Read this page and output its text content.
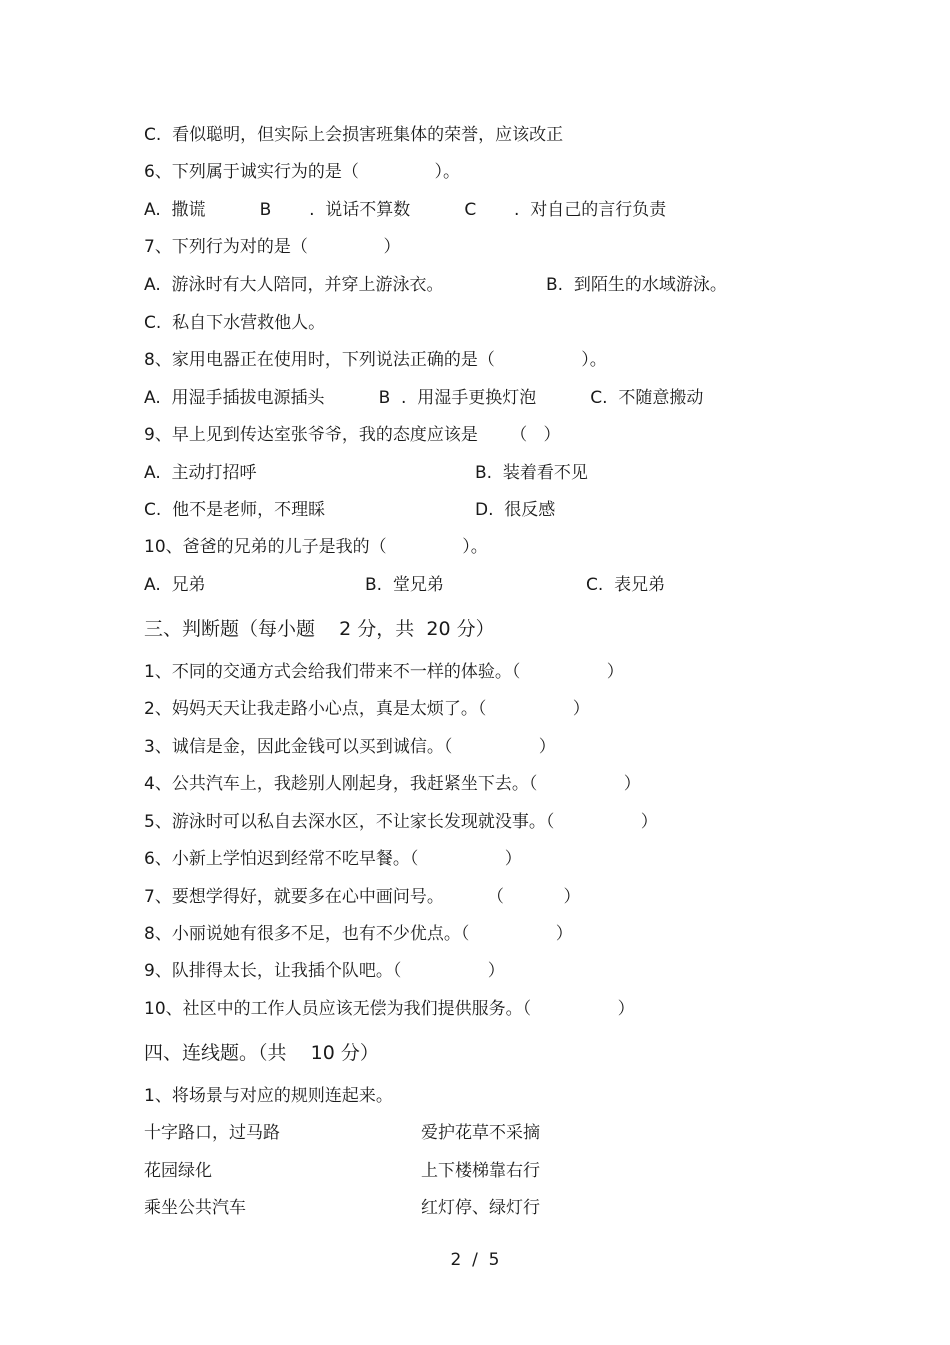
C.  看似聪明，但实际上会损害班集体的荣誉，应该改正

6、下列属于诚实行为的是（              ）。

A.  撒谎          B       .  说话不算数          C       .  对自己的言行负责

7、下列行为对的是（              ）

A.  游泳时有大人陪同，并穿上游泳衣。	B.  到陌生的水域游泳。

C.  私自下水营救他人。

8、家用电器正在使用时，下列说法正确的是（                ）。

A.  用湿手插拔电源插头          B  .  用湿手更换灯泡          C.  不随意搬动

9、早上见到传达室张爷爷，我的态度应该是      （   ）

A.  主动打招呼	B.  装着看不见
C.  他不是老师，不理睬	D.  很反感

10、爸爸的兄弟的儿子是我的（              ）。

A.  兄弟	B.  堂兄弟	C.  表兄弟

三、判断题（每小题    2 分，共  20 分）

1、不同的交通方式会给我们带来不一样的体验。（                ）

2、妈妈天天让我走路小心点，真是太烦了。（                ）

3、诚信是金，因此金钱可以买到诚信。（                ）

4、公共汽车上，我趁别人刚起身，我赶紧坐下去。（                ）

5、游泳时可以私自去深水区，不让家长发现就没事。（                ）

6、小新上学怕迟到经常不吃早餐。（                ）

7、要想学得好，就要多在心中画问号。        （           ）

8、小丽说她有很多不足，也有不少优点。（                ）

9、队排得太长，让我插个队吧。（                ）

10、社区中的工作人员应该无偿为我们提供服务。（                ）

四、连线题。（共    10 分）

1、将场景与对应的规则连起来。

十字路口，过马路	爱护花草不采摘
花园绿化	上下楼梯靠右行
乘坐公共汽车	红灯停、绿灯行
2  /  5
